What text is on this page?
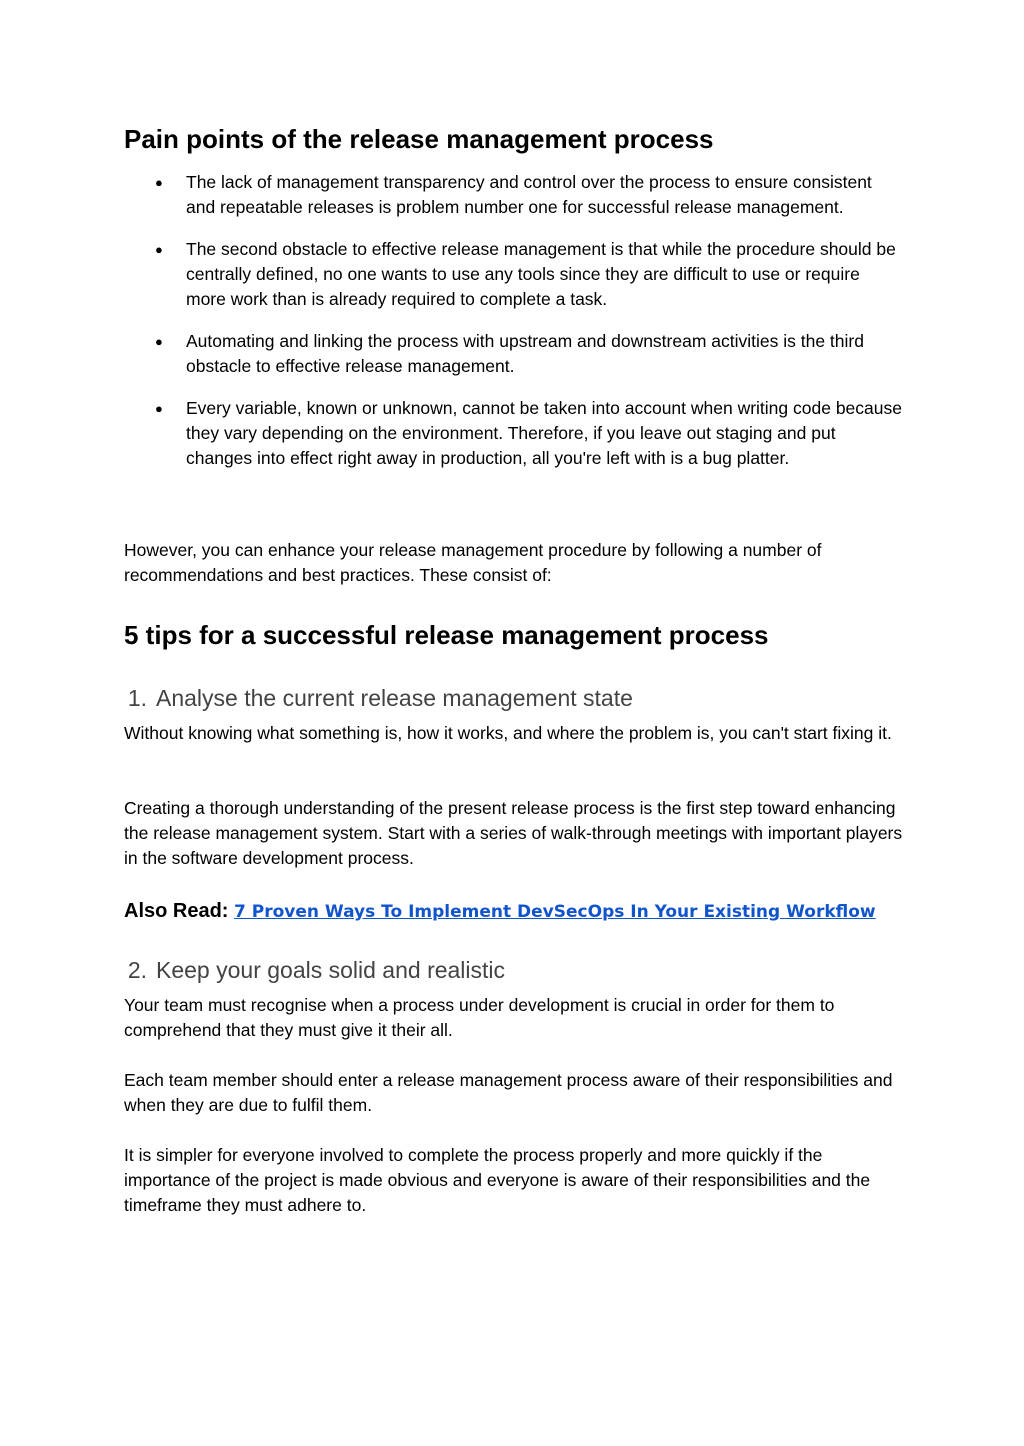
Pain points of the release management process
● The lack of management transparency and control over the process to ensure consistent and repeatable releases is problem number one for successful release management.
● The second obstacle to effective release management is that while the procedure should be centrally defined, no one wants to use any tools since they are difficult to use or require more work than is already required to complete a task.
● Automating and linking the process with upstream and downstream activities is the third obstacle to effective release management.
● Every variable, known or unknown, cannot be taken into account when writing code because they vary depending on the environment. Therefore, if you leave out staging and put changes into effect right away in production, all you're left with is a bug platter.

However, you can enhance your release management procedure by following a number of recommendations and best practices. These consist of:

5 tips for a successful release management process
1. Analyse the current release management state

Without knowing what something is, how it works, and where the problem is, you can't start fixing it.

Creating a thorough understanding of the present release process is the first step toward enhancing the release management system. Start with a series of walk-through meetings with important players in the software development process.

Also Read: 7 Proven Ways To Implement DevSecOps In Your Existing Workflow
2. Keep your goals solid and realistic

Your team must recognise when a process under development is crucial in order for them to comprehend that they must give it their all.

Each team member should enter a release management process aware of their responsibilities and when they are due to fulfil them.

It is simpler for everyone involved to complete the process properly and more quickly if the importance of the project is made obvious and everyone is aware of their responsibilities and the timeframe they must adhere to.
